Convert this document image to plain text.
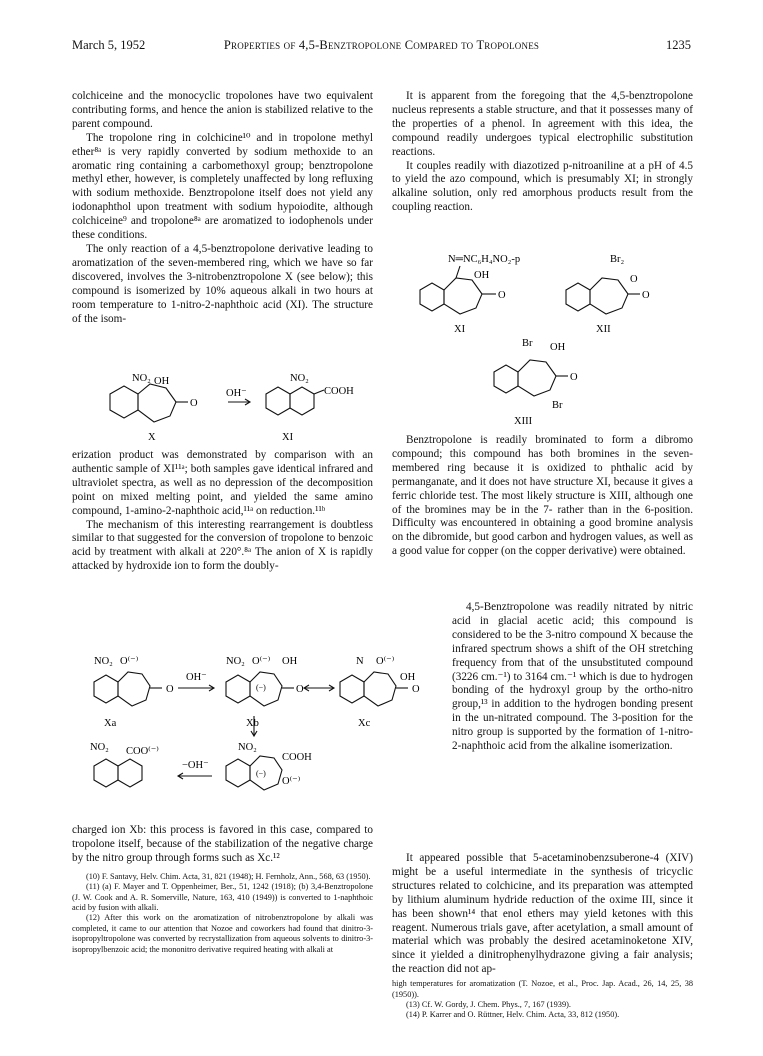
March 5, 1952	Properties of 4,5-Benztropolone Compared to Tropolones	1235

colchiceine and the monocyclic tropolones have two equivalent contributing forms, and hence the anion is stabilized relative to the parent compound.

The tropolone ring in colchicine¹⁰ and in tropolone methyl ether⁸ᵃ is very rapidly converted by sodium methoxide to an aromatic ring containing a carbomethoxyl group; benztropolone methyl ether, however, is completely unaffected by long refluxing with sodium methoxide. Benztropolone itself does not yield any iodonaphthol upon treatment with sodium hypoiodite, although colchiceine⁹ and tropolone⁸ᵃ are aromatized to iodophenols under these conditions.

The only reaction of a 4,5-benztropolone derivative leading to aromatization of the seven-membered ring, which we have so far discovered, involves the 3-nitrobenztropolone X (see below); this compound is isomerized by 10% aqueous alkali in two hours at room temperature to 1-nitro-2-naphthoic acid (XI). The structure of the isom-

NO₂ OH
O
OH⁻
NO₂
COOH
X	XI

erization product was demonstrated by comparison with an authentic sample of XI¹¹ᵃ; both samples gave identical infrared and ultraviolet spectra, as well as no depression of the decomposition point on mixed melting point, and yielded the same amino compound, 1-amino-2-naphthoic acid,¹¹ᵃ on reduction.¹¹ᵇ

The mechanism of this interesting rearrangement is doubtless similar to that suggested for the conversion of tropolone to benzoic acid by treatment with alkali at 220°.⁸ᵃ The anion of X is rapidly attacked by hydroxide ion to form the doubly-

NO₂ O⁽⁻⁾
O
OH⁻
NO₂ O⁽⁻⁾ OH
(−)	O
N O⁽⁻⁾
OH
O
Xa	Xb	Xc
NO₂ COO⁽⁻⁾
−OH⁻
NO₂
COOH
(−)
O⁽⁻⁾

charged ion Xb: this process is favored in this case, compared to tropolone itself, because of the stabilization of the negative charge by the nitro group through forms such as Xc.¹²

(10) F. Santavy, Helv. Chim. Acta, 31, 821 (1948); H. Fernholz, Ann., 568, 63 (1950).

(11) (a) F. Mayer and T. Oppenheimer, Ber., 51, 1242 (1918); (b) 3,4-Benztropolone (J. W. Cook and A. R. Somerville, Nature, 163, 410 (1949)) is converted to 1-naphthoic acid by fusion with alkali.

(12) After this work on the aromatization of nitrobenztropolone by alkali was completed, it came to our attention that Nozoe and coworkers had found that dinitro-3-isopropyltropolone was converted by recrystallization from aqueous solvents to dinitro-3-isopropylbenzoic acid; the mononitro derivative required heating with alkali at

It is apparent from the foregoing that the 4,5-benztropolone nucleus represents a stable structure, and that it possesses many of the properties of a phenol. In agreement with this idea, the compound readily undergoes typical electrophilic substitution reactions.

It couples readily with diazotized p-nitroaniline at a pH of 4.5 to yield the azo compound, which is presumably XI; in strongly alkaline solution, only red amorphous products result from the coupling reaction.

N═NC₆H₄NO₂-p
OH
O
Br₂
O
O
XI	XII
Br OH
O
Br
XIII

Benztropolone is readily brominated to form a dibromo compound; this compound has both bromines in the seven-membered ring because it is oxidized to phthalic acid by permanganate, and it does not have structure XI, because it gives a ferric chloride test. The most likely structure is XIII, although one of the bromines may be in the 7- rather than in the 6-position. Difficulty was encountered in obtaining a good bromine analysis on the dibromide, but good carbon and hydrogen values, as well as a good value for copper (on the copper derivative) were obtained.

4,5-Benztropolone was readily nitrated by nitric acid in glacial acetic acid; this compound is considered to be the 3-nitro compound X because the infrared spectrum shows a shift of the OH stretching frequency from that of the unsubstituted compound (3226 cm.⁻¹) to 3164 cm.⁻¹ which is due to hydrogen bonding of the hydroxyl group by the ortho-nitro group,¹³ in addition to the hydrogen bonding present in the un-nitrated compound. The 3-position for the nitro group is supported by the formation of 1-nitro-2-naphthoic acid from the alkaline isomerization.

It appeared possible that 5-acetaminobenzsuberone-4 (XIV) might be a useful intermediate in the synthesis of tricyclic structures related to colchicine, and its preparation was attempted by lithium aluminum hydride reduction of the oxime III, since it has been shown¹⁴ that enol ethers may yield ketones with this reagent. Numerous trials gave, after acetylation, a small amount of material which was probably the desired acetaminoketone XIV, since it yielded a dinitrophenylhydrazone giving a fair analysis; the reaction did not ap-

high temperatures for aromatization (T. Nozoe, et al., Proc. Jap. Acad., 26, 14, 25, 38 (1950)).

(13) Cf. W. Gordy, J. Chem. Phys., 7, 167 (1939).

(14) P. Karrer and O. Rüttner, Helv. Chim. Acta, 33, 812 (1950).
